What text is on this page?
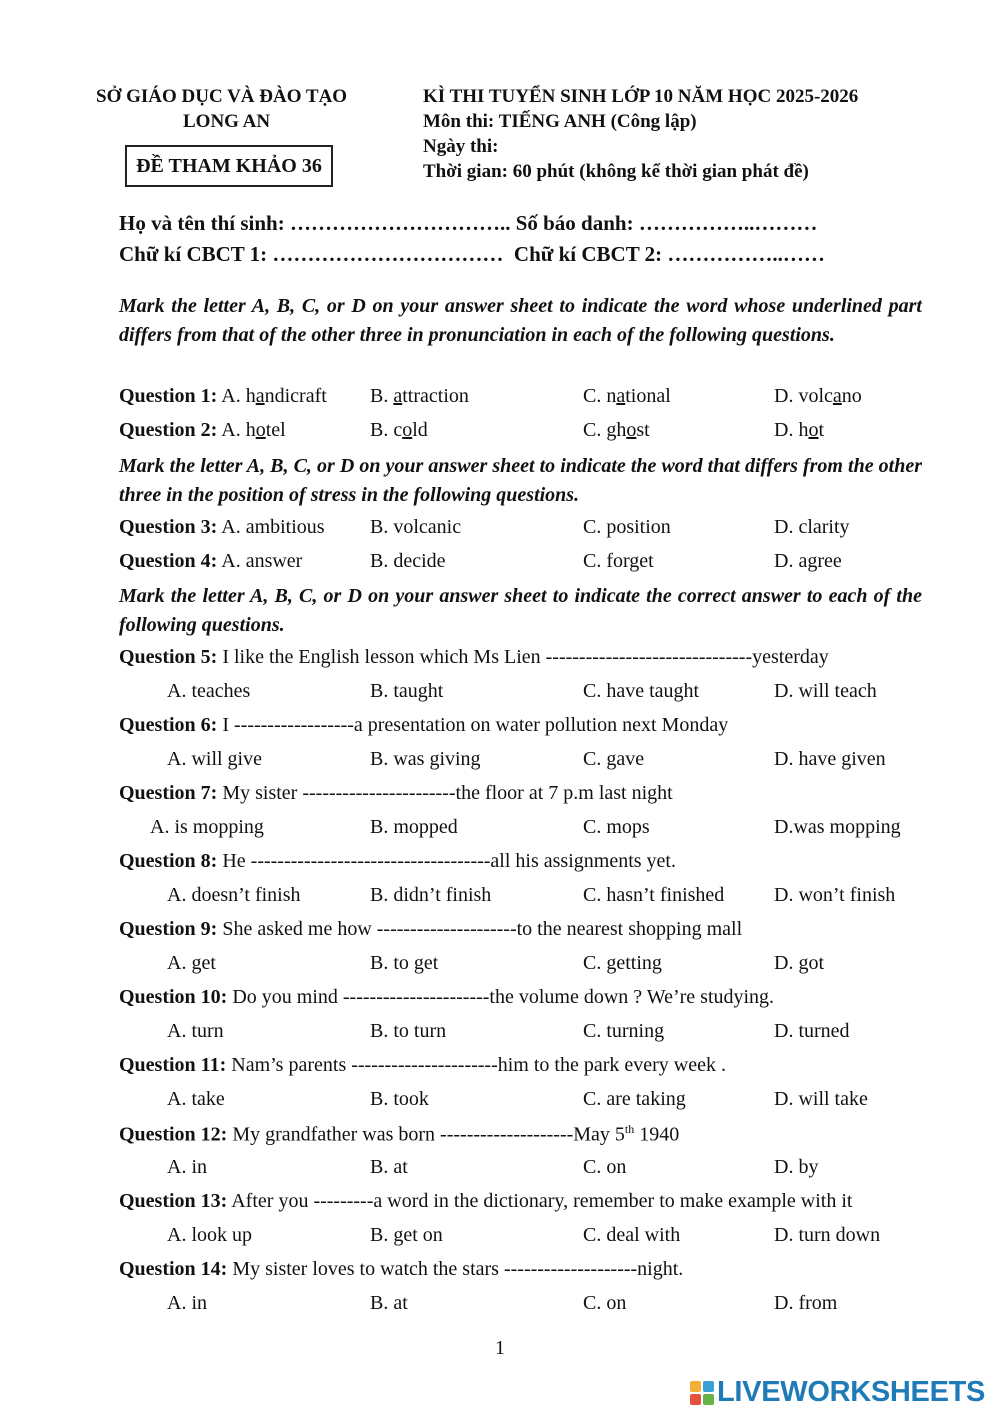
SỞ GIÁO DỤC VÀ ĐÀO TẠO
LONG AN
ĐỀ THAM KHẢO 36
KÌ THI TUYỂN SINH LỚP 10 NĂM HỌC 2025-2026
Môn thi: TIẾNG ANH (Công lập)
Ngày thi:
Thời gian: 60 phút (không kể thời gian phát đề)
Họ và tên thí sinh: ………………………….. Số báo danh: ……………..………
Chữ kí CBCT 1: …………………………… Chữ kí CBCT 2: ……………..……
Mark the letter A, B, C, or D on your answer sheet to indicate the word whose underlined part differs from that of the other three in pronunciation in each of the following questions.
Question 1: A. handicraft B. attraction	C. national	D. volcano
Question 2: A. hotel	B. cold	C. ghost	D. hot
Mark the letter A, B, C, or D on your answer sheet to indicate the word that differs from the other three in the position of stress in the following questions.
Question 3: A. ambitious B. volcanic	C. position	D. clarity
Question 4: A. answer	B. decide	C. forget	D. agree
Mark the letter A, B, C, or D on your answer sheet to indicate the correct answer to each of the following questions.
Question 5: I like the English lesson which Ms Lien -------------------------------yesterday
A. teaches	B. taught	C. have taught	D. will teach
Question 6: I ------------------a presentation on water pollution next Monday
A. will give	B. was giving	C. gave	D. have given
Question 7: My sister -----------------------the floor at 7 p.m last night
A. is mopping	B. mopped	C. mops	D.was mopping
Question 8: He ------------------------------------all his assignments yet.
A. doesn’t finish	B. didn’t finish	C. hasn’t finished D. won’t finish
Question 9: She asked me how ---------------------to the nearest shopping mall
A. get	B. to get	C. getting	D. got
Question 10: Do you mind ----------------------the volume down ? We’re studying.
A. turn	B. to turn	C. turning	D. turned
Question 11: Nam’s parents ----------------------him to the park every week .
A. take	B. took	C. are taking	D. will take
Question 12: My grandfather was born --------------------May 5th 1940
A. in	B. at	C. on	D. by
Question 13: After you ---------a word in the dictionary, remember to make example with it
A. look up	B. get on	C. deal with	D. turn down
Question 14: My sister loves to watch the stars --------------------night.
A. in	B. at	C. on	D. from
1
LIVEWORKSHEETS
